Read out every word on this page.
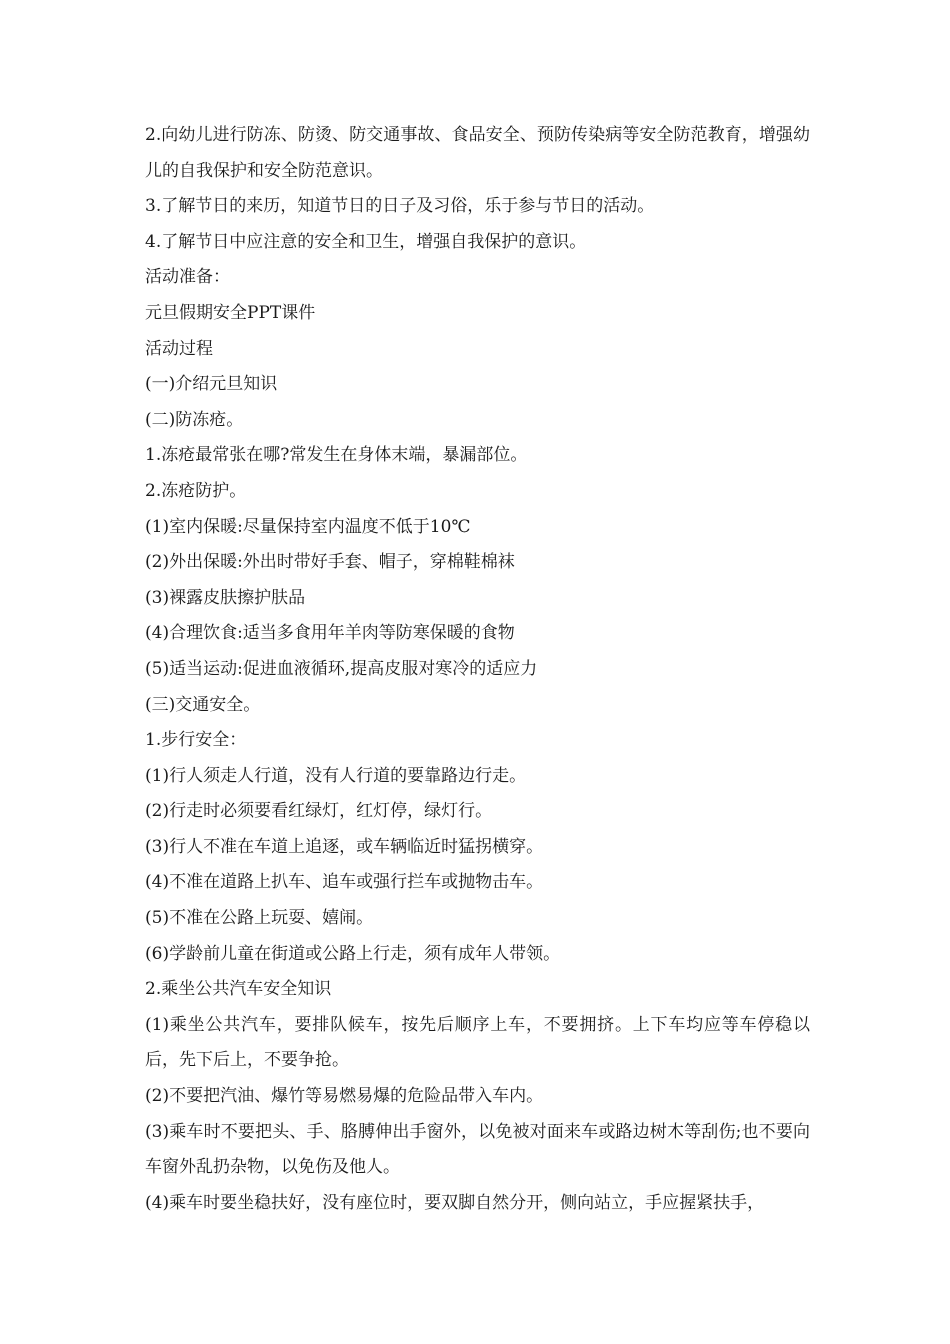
2.向幼儿进行防冻、防烫、防交通事故、食品安全、预防传染病等安全防范教育，增强幼儿的自我保护和安全防范意识。

3.了解节日的来历，知道节日的日子及习俗，乐于参与节日的活动。

4.了解节日中应注意的安全和卫生，增强自我保护的意识。

活动准备：

元旦假期安全PPT课件

活动过程

(一)介绍元旦知识

(二)防冻疮。

1.冻疮最常张在哪?常发生在身体末端，暴漏部位。

2.冻疮防护。

(1)室内保暖:尽量保持室内温度不低于10℃

(2)外出保暖:外出时带好手套、帽子，穿棉鞋棉袜

(3)裸露皮肤擦护肤品

(4)合理饮食:适当多食用年羊肉等防寒保暖的食物

(5)适当运动:促进血液循环,提高皮服对寒冷的适应力

(三)交通安全。

1.步行安全：

(1)行人须走人行道，没有人行道的要靠路边行走。

(2)行走时必须要看红绿灯，红灯停，绿灯行。

(3)行人不准在车道上追逐，或车辆临近时猛拐横穿。

(4)不准在道路上扒车、追车或强行拦车或抛物击车。

(5)不准在公路上玩耍、嬉闹。

(6)学龄前儿童在街道或公路上行走，须有成年人带领。

2.乘坐公共汽车安全知识

(1)乘坐公共汽车，要排队候车，按先后顺序上车，不要拥挤。上下车均应等车停稳以后，先下后上，不要争抢。

(2)不要把汽油、爆竹等易燃易爆的危险品带入车内。

(3)乘车时不要把头、手、胳膊伸出手窗外，以免被对面来车或路边树木等刮伤;也不要向车窗外乱扔杂物，以免伤及他人。

(4)乘车时要坐稳扶好，没有座位时，要双脚自然分开，侧向站立，手应握紧扶手，
